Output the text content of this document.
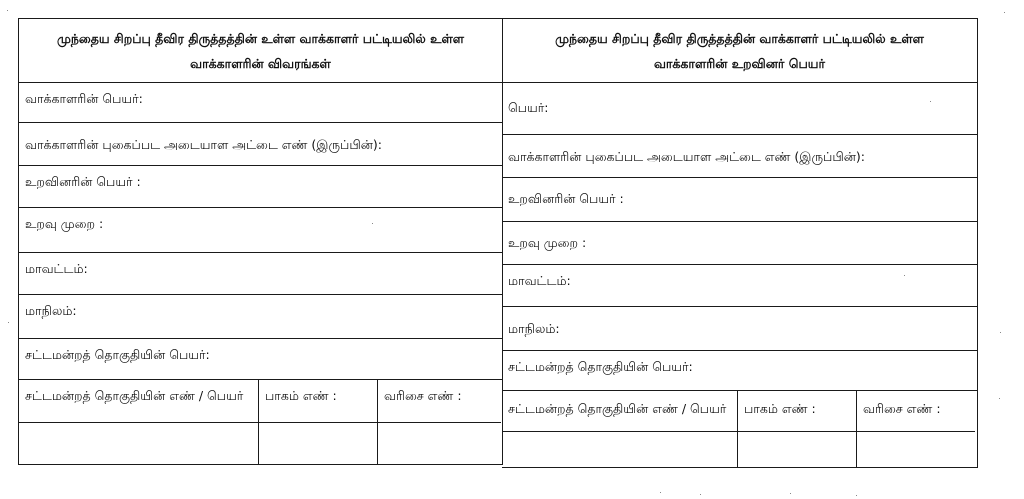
முந்தைய சிறப்பு தீவிர திருத்தத்தின் உள்ள வாக்காளர் பட்டியலில் உள்ள
வாக்காளரின் விவரங்கள்
வாக்காளரின் பெயர்:
வாக்காளரின் புகைப்பட அடையாள அட்டை எண் (இருப்பின்):
உறவினரின் பெயர் :
உறவு முறை :
மாவட்டம்:
மாநிலம்:
சட்டமன்றத் தொகுதியின் பெயர்:
சட்டமன்றத் தொகுதியின் எண் / பெயர் பாகம் எண் :	வரிசை எண் :
முந்தைய சிறப்பு தீவிர திருத்தத்தின் வாக்காளர் பட்டியலில் உள்ள
வாக்காளரின் உறவினர் பெயர்
பெயர்:
வாக்காளரின் புகைப்பட அடையாள அட்டை எண் (இருப்பின்):
உறவினரின் பெயர் :
உறவு முறை :
மாவட்டம்:
மாநிலம்:
சட்டமன்றத் தொகுதியின் பெயர்:
சட்டமன்றத் தொகுதியின் எண் / பெயர் பாகம் எண் :	வரிசை எண் :
